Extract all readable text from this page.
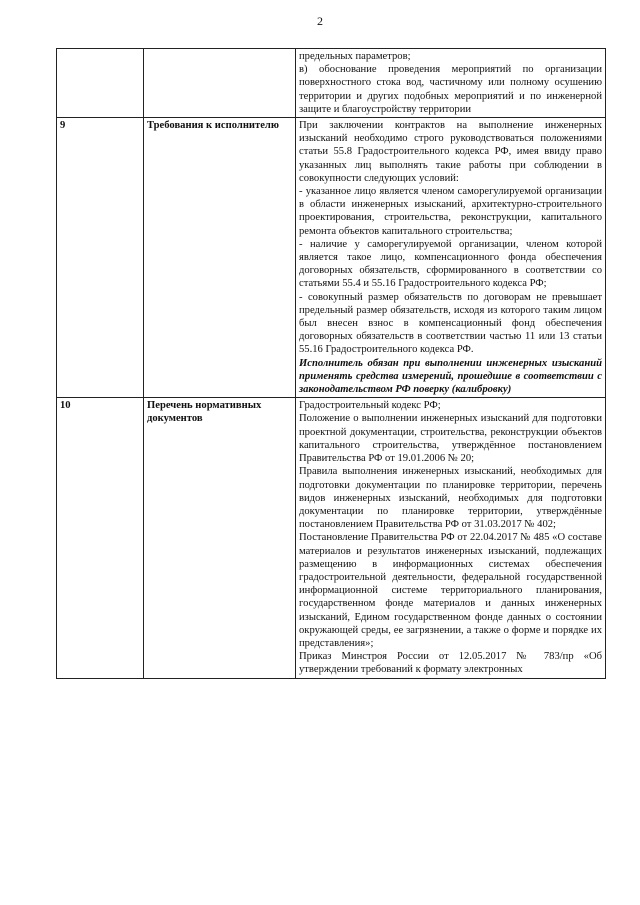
2

		предельных параметров;

в) обоснование проведения мероприятий по организации поверхностного стока вод, частичному или полному осушению территории и других подобных мероприятий и по инженерной защите и благоустройству территории

9	Требования к исполнителю	При заключении контрактов на выполнение инженерных изысканий необходимо строго руководствоваться положениями статьи 55.8 Градостроительного кодекса РФ, имея ввиду право указанных лиц выполнять такие работы при соблюдении в совокупности следующих условий:

- указанное лицо является членом саморегулируемой организации в области инженерных изысканий, архитектурно-строительного проектирования, строительства, реконструкции, капитального ремонта объектов капитального строительства;

- наличие у саморегулируемой организации, членом которой является такое лицо, компенсационного фонда обеспечения договорных обязательств, сформированного в соответствии со статьями 55.4 и 55.16 Градостроительного кодекса РФ;

- совокупный размер обязательств по договорам не превышает предельный размер обязательств, исходя из которого таким лицом был внесен взнос в компенсационный фонд обеспечения договорных обязательств в соответствии частью 11 или 13 статьи 55.16 Градостроительного кодекса РФ.

Исполнитель обязан при выполнении инженерных изысканий применять средства измерений, прошедшие в соответствии с законодательством РФ поверку (калибровку)

10	Перечень нормативных документов	Градостроительный кодекс РФ;

Положение о выполнении инженерных изысканий для подготовки проектной документации, строительства, реконструкции объектов капитального строительства, утверждённое постановлением Правительства РФ от 19.01.2006 № 20;

Правила выполнения инженерных изысканий, необходимых для подготовки документации по планировке территории, перечень видов инженерных изысканий, необходимых для подготовки документации по планировке территории, утверждённые постановлением Правительства РФ от 31.03.2017 № 402;

Постановление Правительства РФ от 22.04.2017 № 485 «О составе материалов и результатов инженерных изысканий, подлежащих размещению в информационных системах обеспечения градостроительной деятельности, федеральной государственной информационной системе территориального планирования, государственном фонде материалов и данных инженерных изысканий, Едином государственном фонде данных о состоянии окружающей среды, ее загрязнении, а также о форме и порядке их представления»;

Приказ Минстроя России от 12.05.2017 № 783/пр «Об утверждении требований к формату электронных
